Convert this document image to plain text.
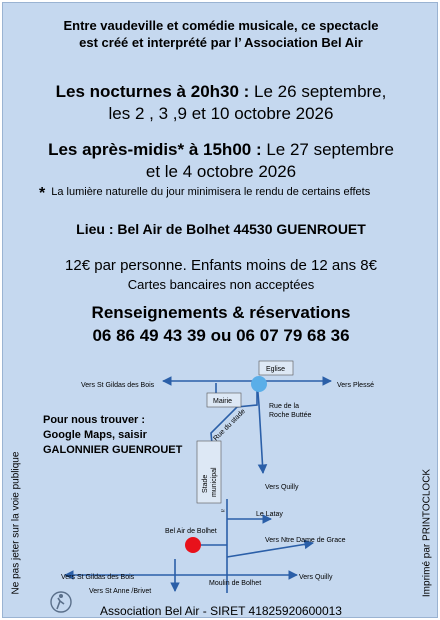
Entre vaudeville et comédie musicale, ce spectacle
est créé et interprété par l’ Association Bel Air
Les nocturnes à 20h30 : Le 26 septembre,
les 2 , 3 ,9 et 10 octobre 2026
Les après-midis* à 15h00 : Le 27 septembre
et le 4 octobre 2026
* La lumière naturelle du jour minimisera le rendu de certains effets
Lieu : Bel Air de Bolhet 44530 GUENROUET
12€ par personne. Enfants moins de 12 ans 8€
Cartes bancaires non acceptées
Renseignements & réservations
06 86 49 43 39 ou 06 07 79 68 36
Eglise
Mairie
Stade municipal
Rue du stade
Rue de la
Roche Buttée
Vers St Gildas des Bois	Vers Plessé
Vers Quilly
≈	Le Latay
Bel Air de Bolhet
Vers Ntre Dame de Grace
Vers St Gildas des Bois	Vers Quilly
Moulin de Bolhet
Vers St Anne /Brivet
Pour nous trouver :
Google Maps, saisir
GALONNIER GUENROUET
Association Bel Air - SIRET 41825920600013
Ne pas jeter sur la voie publique	Imprimé par PRINTOCLOCK
